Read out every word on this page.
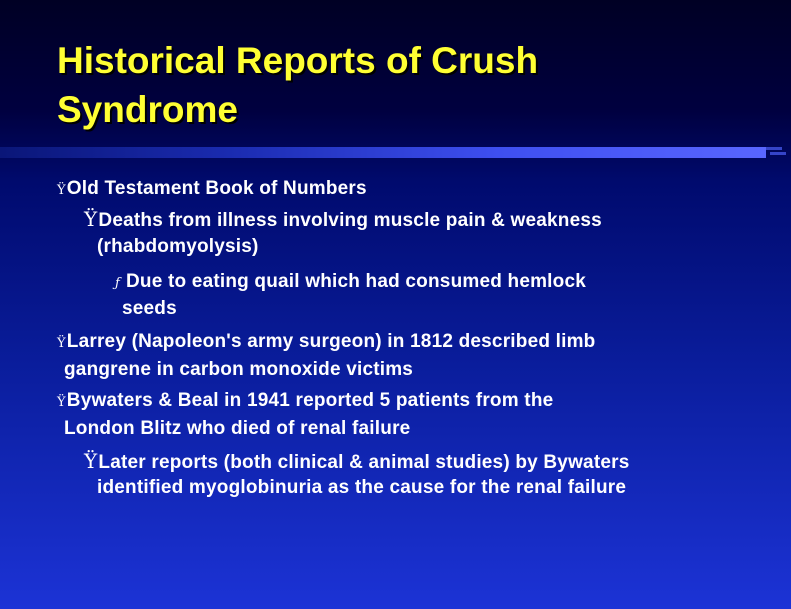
Historical Reports of Crush
Syndrome
ŸOld Testament Book of Numbers
ŸDeaths from illness involving muscle pain & weakness
(rhabdomyolysis)
ƒ Due to eating quail which had consumed hemlock
seeds
ŸLarrey (Napoleon's army surgeon) in 1812 described limb
gangrene in carbon monoxide victims
ŸBywaters & Beal in 1941 reported 5 patients from the
London Blitz who died of renal failure
ŸLater reports (both clinical & animal studies) by Bywaters
identified myoglobinuria as the cause for the renal failure
